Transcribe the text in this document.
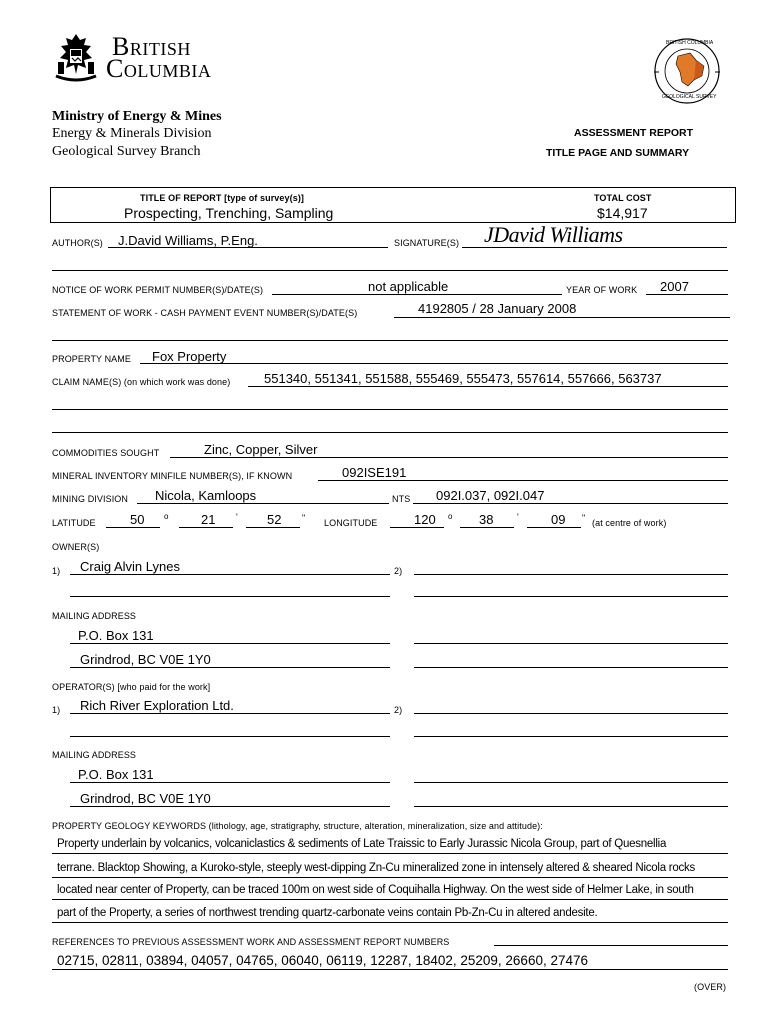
British
Columbia
BRITISH COLUMBIA
GEOLOGICAL SURVEY
Ministry of Energy & Mines
Energy & Minerals Division
Geological Survey Branch
ASSESSMENT REPORT
TITLE PAGE AND SUMMARY
TITLE OF REPORT [type of survey(s)]
Prospecting, Trenching, Sampling
TOTAL COST
$14,917
AUTHOR(S) J.David Williams, P.Eng.	SIGNATURE(S) JDavid Williams
NOTICE OF WORK PERMIT NUMBER(S)/DATE(S)	not applicable	YEAR OF WORK 2007
STATEMENT OF WORK - CASH PAYMENT EVENT NUMBER(S)/DATE(S)	4192805 / 28 January 2008
PROPERTY NAME Fox Property
CLAIM NAME(S) (on which work was done)	551340, 551341, 551588, 555469, 555473, 557614, 557666, 563737
COMMODITIES SOUGHT	Zinc, Copper, Silver
MINERAL INVENTORY MINFILE NUMBER(S), IF KNOWN	092ISE191
MINING DIVISION Nicola, Kamloops	NTS 092I.037, 092I.047
LATITUDE	50 o 21 ' 52 " LONGITUDE	120 o 38	' 09 " (at centre of work)
OWNER(S)
1) Craig Alvin Lynes	2)
MAILING ADDRESS
P.O. Box 131
Grindrod, BC V0E 1Y0
OPERATOR(S) [who paid for the work]
1) Rich River Exploration Ltd.	2)
MAILING ADDRESS
P.O. Box 131
Grindrod, BC V0E 1Y0
PROPERTY GEOLOGY KEYWORDS (lithology, age, stratigraphy, structure, alteration, mineralization, size and attitude):
Property underlain by volcanics, volcaniclastics & sediments of Late Traissic to Early Jurassic Nicola Group, part of Quesnellia
terrane. Blacktop Showing, a Kuroko-style, steeply west-dipping Zn-Cu mineralized zone in intensely altered & sheared Nicola rocks
located near center of Property, can be traced 100m on west side of Coquihalla Highway. On the west side of Helmer Lake, in south
part of the Property, a series of northwest trending quartz-carbonate veins contain Pb-Zn-Cu in altered andesite.
REFERENCES TO PREVIOUS ASSESSMENT WORK AND ASSESSMENT REPORT NUMBERS
02715, 02811, 03894, 04057, 04765, 06040, 06119, 12287, 18402, 25209, 26660, 27476
(OVER)
